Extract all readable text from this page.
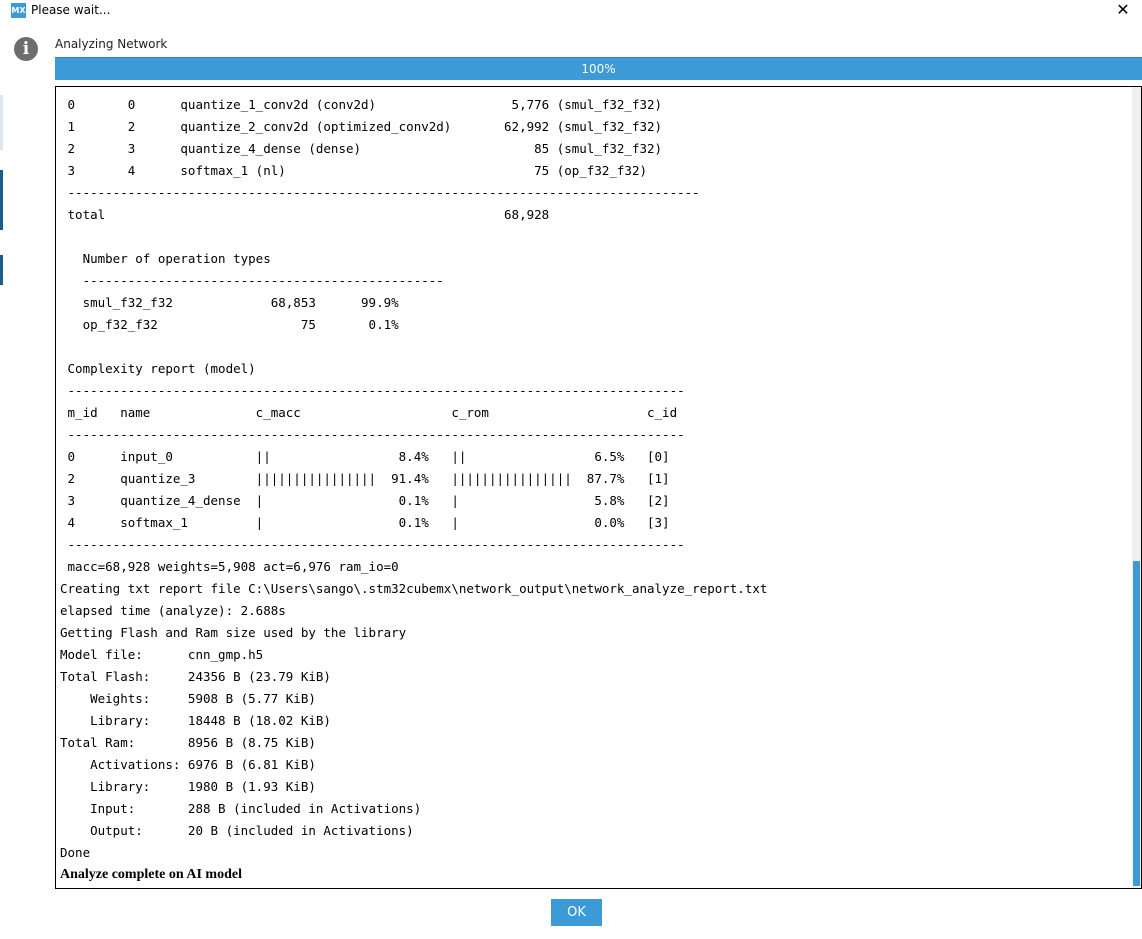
MX Please wait...	✕
i	Analyzing Network
100%
0       0      quantize_1_conv2d (conv2d)                  5,776 (smul_f32_f32)
1       2      quantize_2_conv2d (optimized_conv2d)       62,992 (smul_f32_f32)
2       3      quantize_4_dense (dense)                       85 (smul_f32_f32)
3       4      softmax_1 (nl)                                 75 (op_f32_f32)
------------------------------------------------------------------------------------
total                                                     68,928
Number of operation types
------------------------------------------------
smul_f32_f32             68,853      99.9%
op_f32_f32                   75       0.1%
Complexity report (model)
----------------------------------------------------------------------------------
m_id   name              c_macc                    c_rom                     c_id
----------------------------------------------------------------------------------
0      input_0           ||                 8.4%   ||                 6.5%   [0]
2      quantize_3        ||||||||||||||||  91.4%   ||||||||||||||||  87.7%   [1]
3      quantize_4_dense  |                  0.1%   |                  5.8%   [2]
4      softmax_1         |                  0.1%   |                  0.0%   [3]
----------------------------------------------------------------------------------
macc=68,928 weights=5,908 act=6,976 ram_io=0
Creating txt report file C:\Users\sango\.stm32cubemx\network_output\network_analyze_report.txt
elapsed time (analyze): 2.688s
Getting Flash and Ram size used by the library
Model file:      cnn_gmp.h5
Total Flash:     24356 B (23.79 KiB)
Weights:     5908 B (5.77 KiB)
Library:     18448 B (18.02 KiB)
Total Ram:       8956 B (8.75 KiB)
Activations: 6976 B (6.81 KiB)
Library:     1980 B (1.93 KiB)
Input:       288 B (included in Activations)
Output:      20 B (included in Activations)
Done
Analyze complete on AI model
OK
